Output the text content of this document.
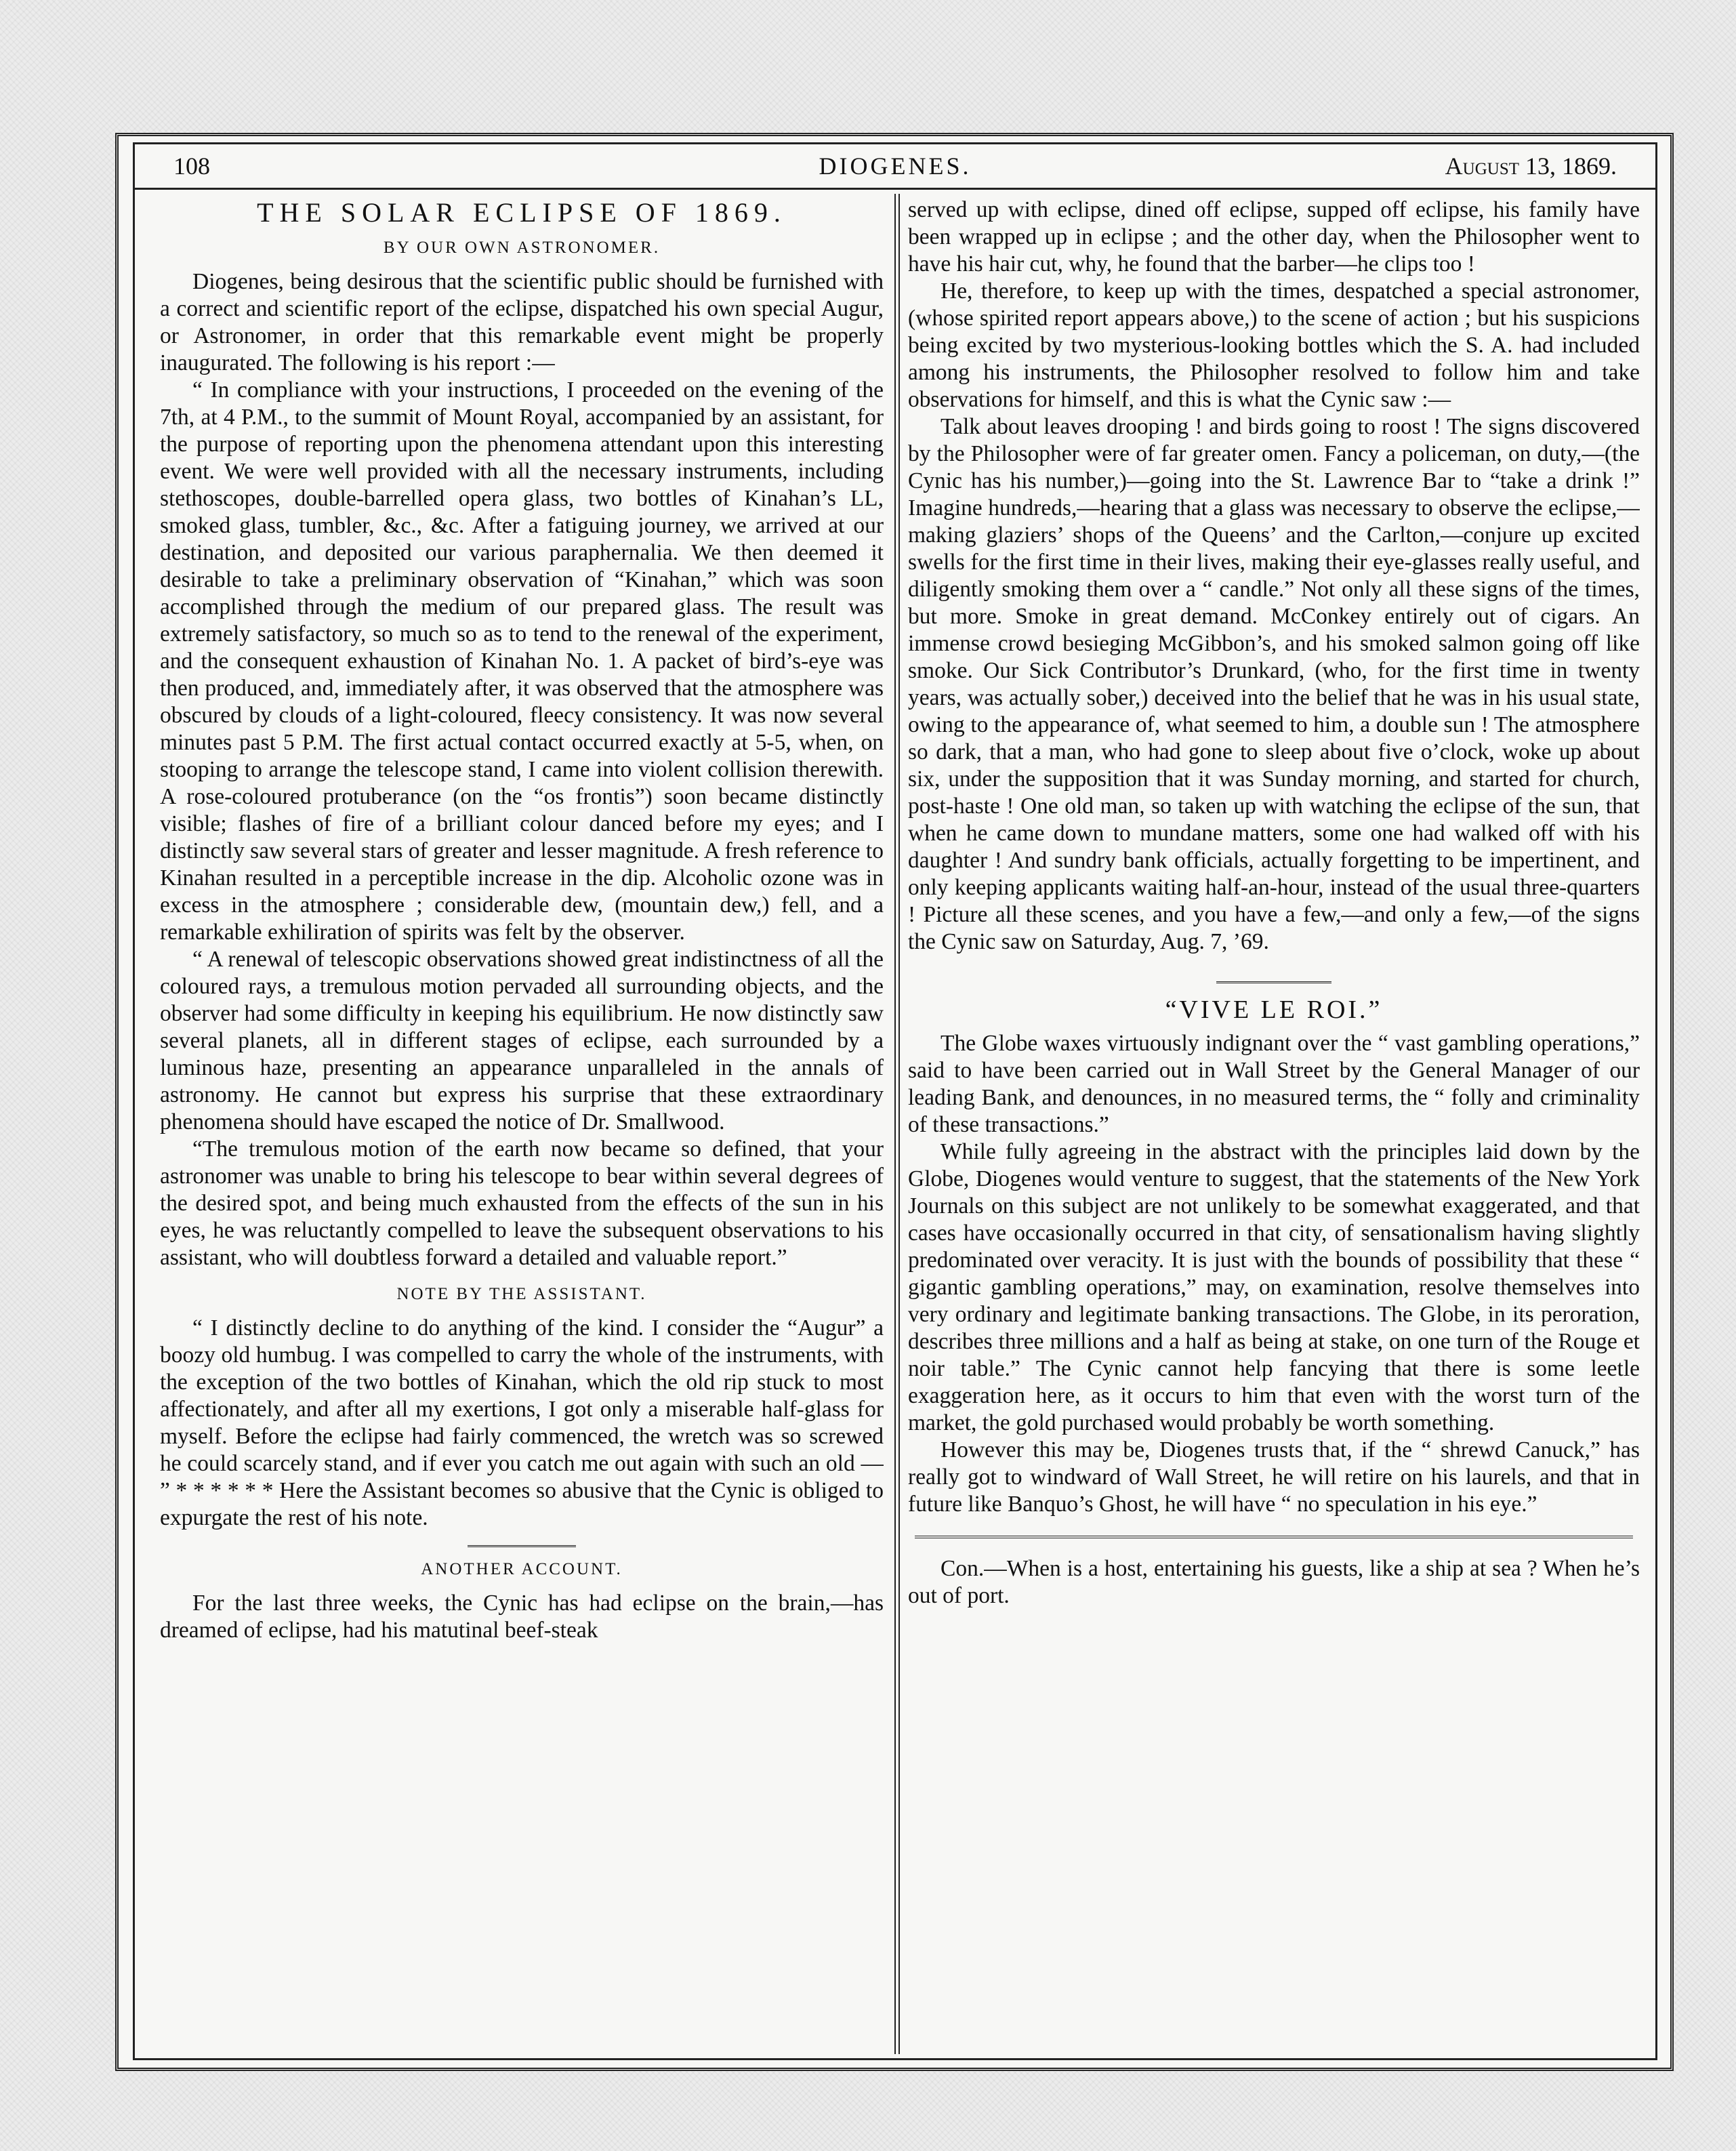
108	DIOGENES.	August 13, 1869.
THE SOLAR ECLIPSE OF 1869.
BY OUR OWN ASTRONOMER.

Diogenes, being desirous that the scientific public should be furnished with a correct and scientific report of the eclipse, dispatched his own special Augur, or Astronomer, in order that this remarkable event might be properly inaugurated. The following is his report :—

“ In compliance with your instructions, I proceeded on the evening of the 7th, at 4 P.M., to the summit of Mount Royal, accompanied by an assistant, for the purpose of reporting upon the phenomena attendant upon this interesting event. We were well provided with all the necessary instruments, including stethoscopes, double-barrelled opera glass, two bottles of Kinahan’s LL, smoked glass, tumbler, &c., &c. After a fatiguing journey, we arrived at our destination, and deposited our various paraphernalia. We then deemed it desirable to take a preliminary observation of “Kinahan,” which was soon accomplished through the medium of our prepared glass. The result was extremely satisfactory, so much so as to tend to the renewal of the experiment, and the consequent exhaustion of Kinahan No. 1. A packet of bird’s-eye was then produced, and, immediately after, it was observed that the atmosphere was obscured by clouds of a light-coloured, fleecy consistency. It was now several minutes past 5 P.M. The first actual contact occurred exactly at 5-5, when, on stooping to arrange the telescope stand, I came into violent collision therewith. A rose-coloured protuberance (on the “os frontis”) soon became distinctly visible; flashes of fire of a brilliant colour danced before my eyes; and I distinctly saw several stars of greater and lesser magnitude. A fresh reference to Kinahan resulted in a perceptible increase in the dip. Alcoholic ozone was in excess in the atmosphere ; considerable dew, (mountain dew,) fell, and a remarkable exhiliration of spirits was felt by the observer.

“ A renewal of telescopic observations showed great indistinctness of all the coloured rays, a tremulous motion pervaded all surrounding objects, and the observer had some difficulty in keeping his equilibrium. He now distinctly saw several planets, all in different stages of eclipse, each surrounded by a luminous haze, presenting an appearance unparalleled in the annals of astronomy. He cannot but express his surprise that these extraordinary phenomena should have escaped the notice of Dr. Smallwood.

“The tremulous motion of the earth now became so defined, that your astronomer was unable to bring his telescope to bear within several degrees of the desired spot, and being much exhausted from the effects of the sun in his eyes, he was reluctantly compelled to leave the subsequent observations to his assistant, who will doubtless forward a detailed and valuable report.”

NOTE BY THE ASSISTANT.

“ I distinctly decline to do anything of the kind. I consider the “Augur” a boozy old humbug. I was compelled to carry the whole of the instruments, with the exception of the two bottles of Kinahan, which the old rip stuck to most affectionately, and after all my exertions, I got only a miserable half-glass for myself. Before the eclipse had fairly commenced, the wretch was so screwed he could scarcely stand, and if ever you catch me out again with such an old — ” * * * * * * Here the Assistant becomes so abusive that the Cynic is obliged to expurgate the rest of his note.

ANOTHER ACCOUNT.

For the last three weeks, the Cynic has had eclipse on the brain,—has dreamed of eclipse, had his matutinal beef-steak

served up with eclipse, dined off eclipse, supped off eclipse, his family have been wrapped up in eclipse ; and the other day, when the Philosopher went to have his hair cut, why, he found that the barber—he clips too !

He, therefore, to keep up with the times, despatched a special astronomer, (whose spirited report appears above,) to the scene of action ; but his suspicions being excited by two mysterious-looking bottles which the S. A. had included among his instruments, the Philosopher resolved to follow him and take observations for himself, and this is what the Cynic saw :—

Talk about leaves drooping ! and birds going to roost ! The signs discovered by the Philosopher were of far greater omen. Fancy a policeman, on duty,—(the Cynic has his number,)—going into the St. Lawrence Bar to “take a drink !” Imagine hundreds,—hearing that a glass was necessary to observe the eclipse,—making glaziers’ shops of the Queens’ and the Carlton,—conjure up excited swells for the first time in their lives, making their eye-glasses really useful, and diligently smoking them over a “ candle.” Not only all these signs of the times, but more. Smoke in great demand. McConkey entirely out of cigars. An immense crowd besieging McGibbon’s, and his smoked salmon going off like smoke. Our Sick Contributor’s Drunkard, (who, for the first time in twenty years, was actually sober,) deceived into the belief that he was in his usual state, owing to the appearance of, what seemed to him, a double sun ! The atmosphere so dark, that a man, who had gone to sleep about five o’clock, woke up about six, under the supposition that it was Sunday morning, and started for church, post-haste ! One old man, so taken up with watching the eclipse of the sun, that when he came down to mundane matters, some one had walked off with his daughter ! And sundry bank officials, actually forgetting to be impertinent, and only keeping applicants waiting half-an-hour, instead of the usual three-quarters ! Picture all these scenes, and you have a few,—and only a few,—of the signs the Cynic saw on Saturday, Aug. 7, ’69.

“VIVE LE ROI.”

The Globe waxes virtuously indignant over the “ vast gambling operations,” said to have been carried out in Wall Street by the General Manager of our leading Bank, and denounces, in no measured terms, the “ folly and criminality of these transactions.”

While fully agreeing in the abstract with the principles laid down by the Globe, Diogenes would venture to suggest, that the statements of the New York Journals on this subject are not unlikely to be somewhat exaggerated, and that cases have occasionally occurred in that city, of sensationalism having slightly predominated over veracity. It is just with the bounds of possibility that these “ gigantic gambling operations,” may, on examination, resolve themselves into very ordinary and legitimate banking transactions. The Globe, in its peroration, describes three millions and a half as being at stake, on one turn of the Rouge et noir table.” The Cynic cannot help fancying that there is some leetle exaggeration here, as it occurs to him that even with the worst turn of the market, the gold purchased would probably be worth something.

However this may be, Diogenes trusts that, if the “ shrewd Canuck,” has really got to windward of Wall Street, he will retire on his laurels, and that in future like Banquo’s Ghost, he will have “ no speculation in his eye.”

Con.—When is a host, entertaining his guests, like a ship at sea ? When he’s out of port.
